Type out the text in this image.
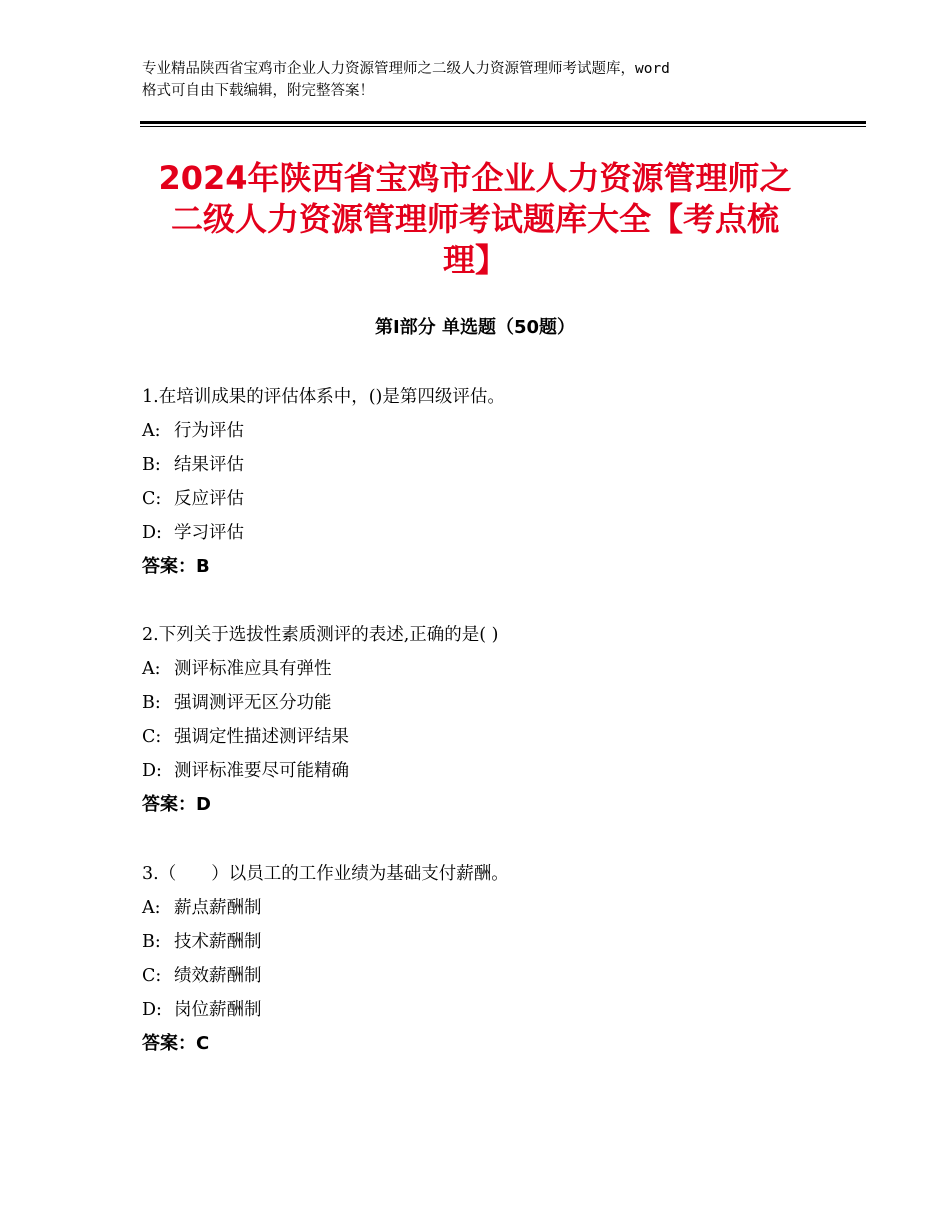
专业精品陕西省宝鸡市企业人力资源管理师之二级人力资源管理师考试题库，word
格式可自由下载编辑，附完整答案！
2024年陕西省宝鸡市企业人力资源管理师之
二级人力资源管理师考试题库大全【考点梳
理】
第Ⅰ部分 单选题（50题）
1.在培训成果的评估体系中，()是第四级评估。
A: 行为评估
B: 结果评估
C: 反应评估
D: 学习评估
答案：B
2.下列关于选拔性素质测评的表述,正确的是( )
A: 测评标准应具有弹性
B: 强调测评无区分功能
C: 强调定性描述测评结果
D: 测评标准要尽可能精确
答案：D
3.（　　）以员工的工作业绩为基础支付薪酬。
A: 薪点薪酬制
B: 技术薪酬制
C: 绩效薪酬制
D: 岗位薪酬制
答案：C
